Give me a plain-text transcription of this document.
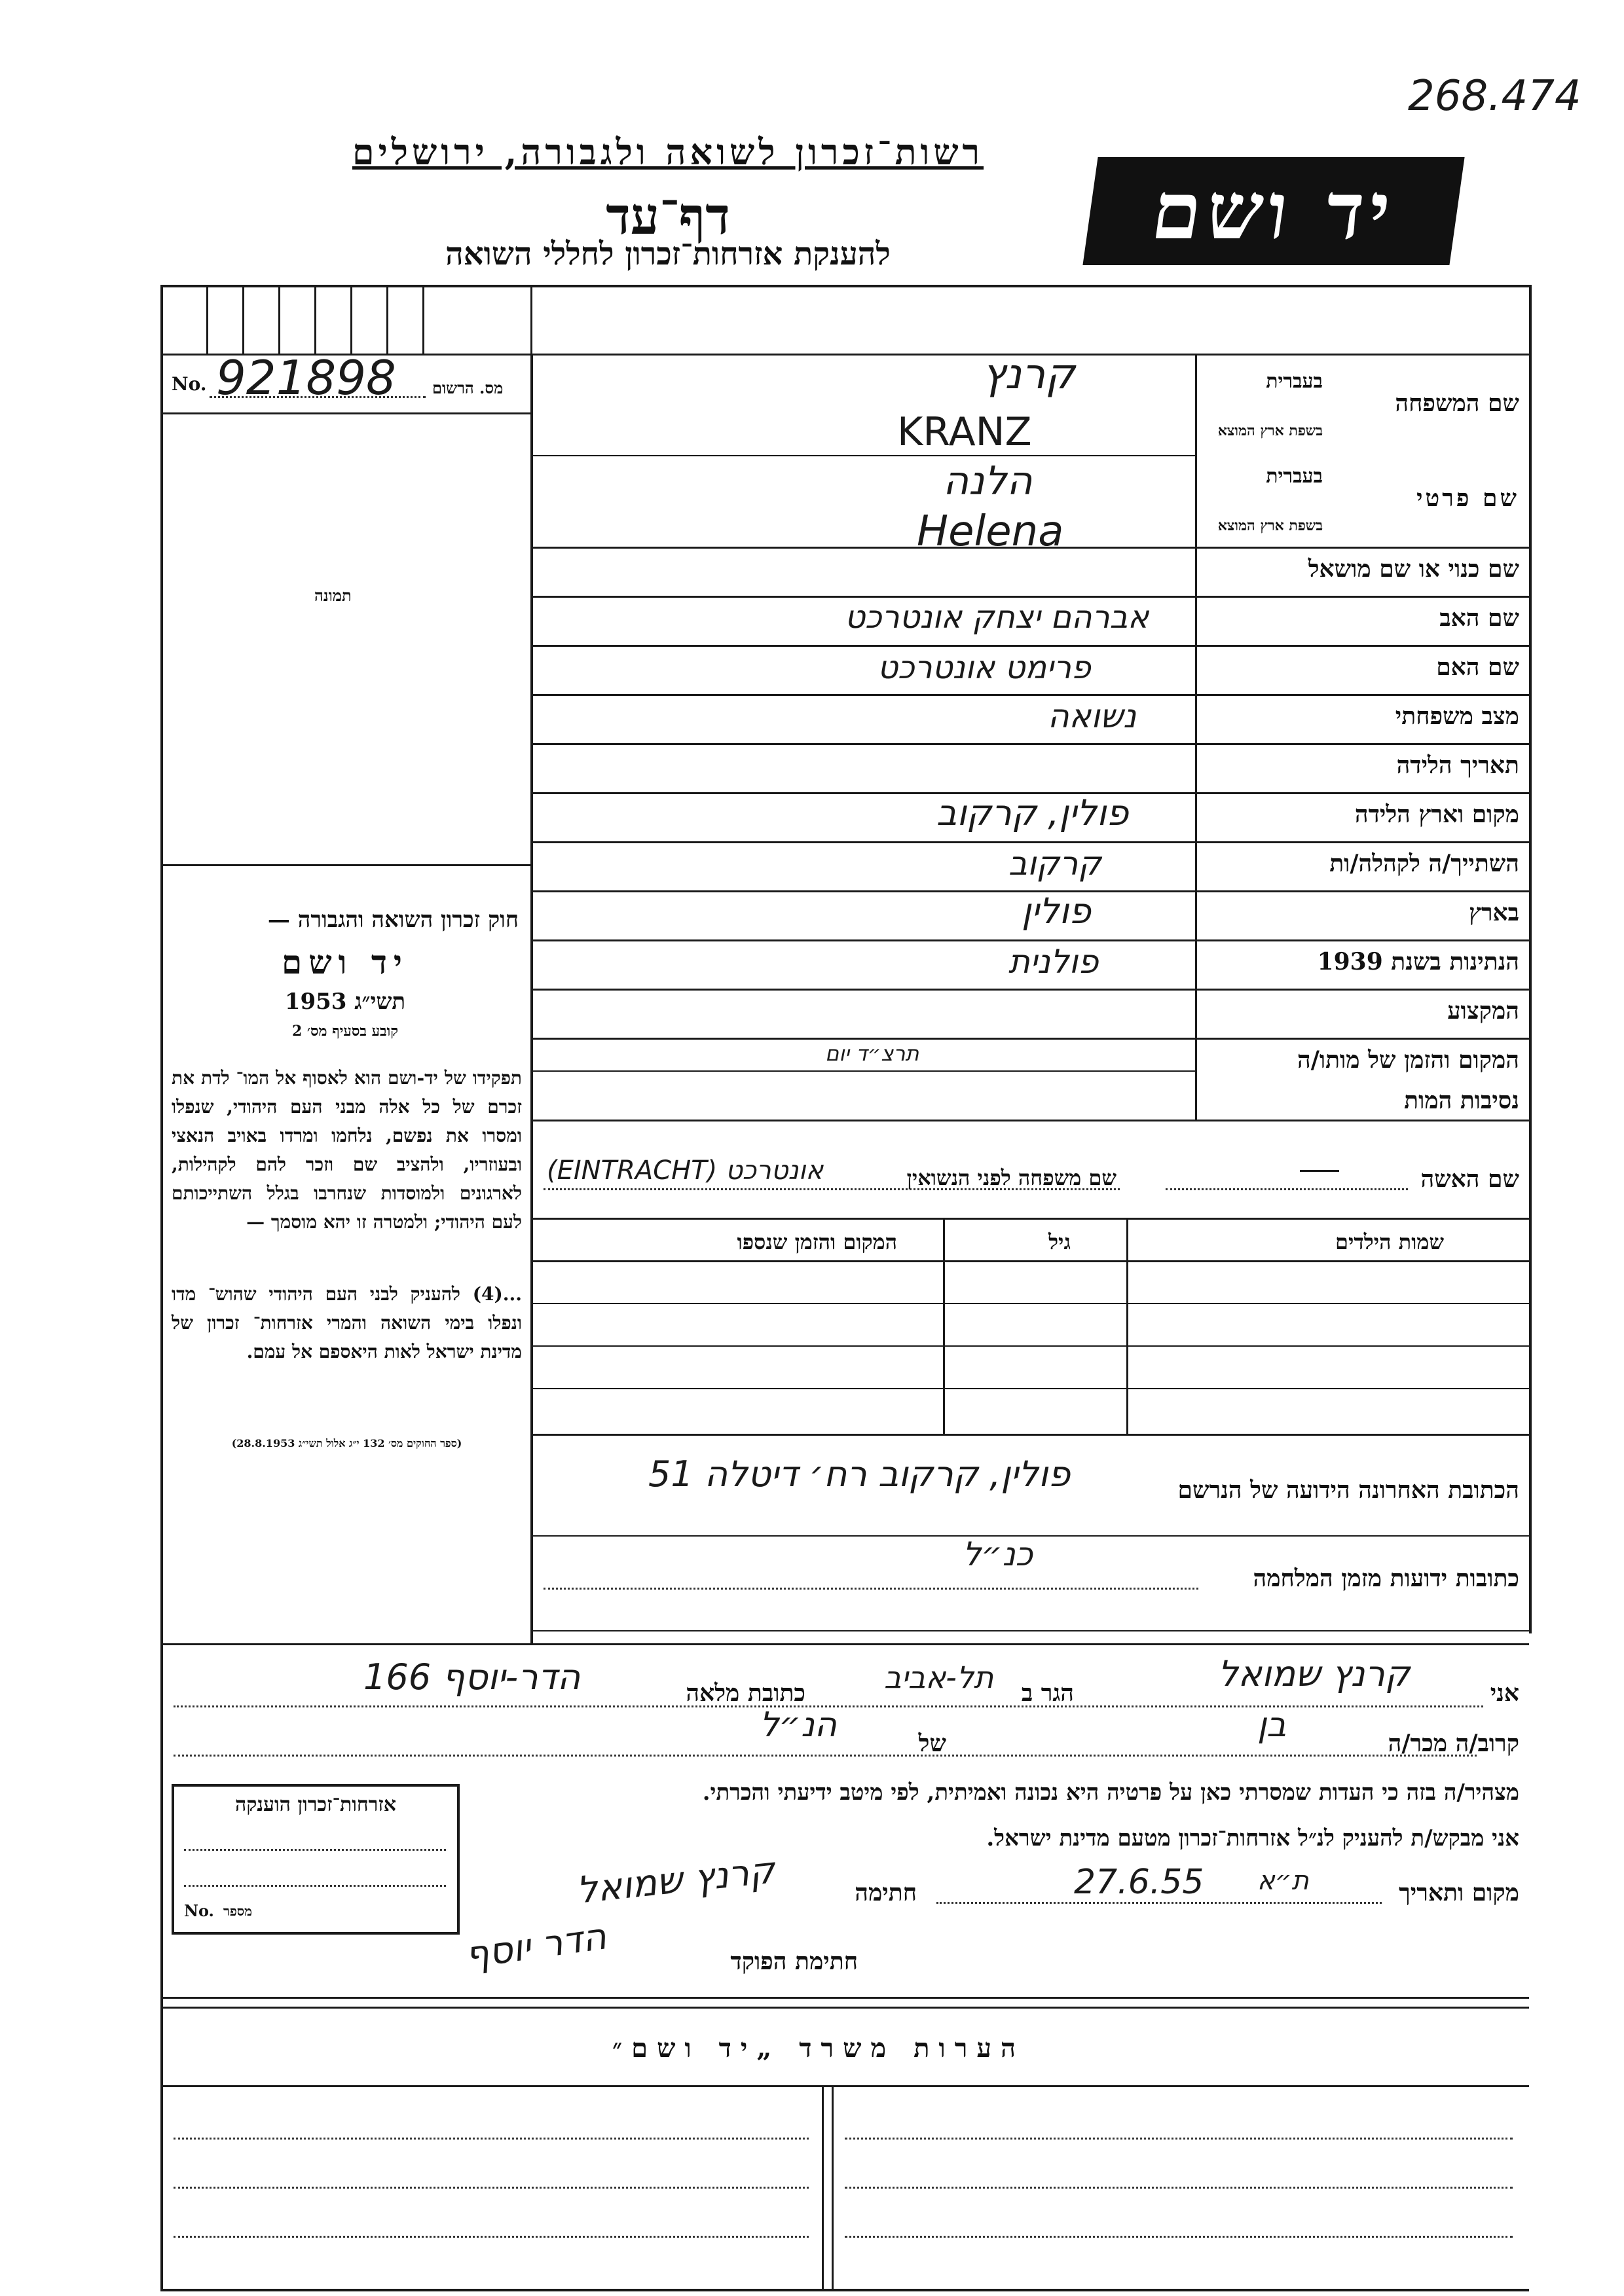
268.474
רשות־זכרון לשואה ולגבורה, ירושלים
דף־עד
להענקת אזרחות־זכרון לחללי השואה	יד ושם
No. 921898 מס. הרשום
תמונה
חוק זכרון השואה והגבורה —
יד ושם
תשי״ג 1953
קובע בסעיף מס׳ 2
תפקידו של יד-ושם הוא לאסוף אל המו־ לדת את זכרם של כל אלה מבני העם היהודי, שנפלו ומסרו את נפשם, נלחמו ומרדו באויב הנאצי ובעוזריו, ולהציב שם וזכר להם לקהילות, לארגונים ולמוסדות שנחרבו בגלל השתייכותם לעם היהודי; ולמטרה זו יהא מוסמך —
...(4) להעניק לבני העם היהודי שהוש־ מדו ונפלו בימי השואה והמרי אזרחות־ זכרון של מדינת ישראל לאות היאספם אל עמם.
(ספר החוקים מס׳ 132 י״ג אלול תשי״ג 28.8.1953)
שם המשפחה
בעברית
בשפת ארץ המוצא
קרנץ
KRANZ
שם פרטי
בעברית
בשפת ארץ המוצא
הלנה
Helena
שם כנוי או שם מושאל
שם האב
אברהם יצחק אונטרכט
שם האם
פרימט אונטרכט
מצב משפחתי
נשואה
תאריך הלידה
מקום וארץ הלידה
פולין, קרקוב
השתייך/ה לקהלה/ות
קרקוב
בארץ
פולין
הנתינות בשנת 1939
פולנית
המקצוע
המקום והזמן של מותו/ה
תרצ״ד יום
נסיבות המות
שם האשה
שם משפחה לפני הנשואין
אונטרכט (EINTRACHT)
שמות הילדים
גיל
המקום והזמן שנספו
הכתובת האחרונה הידועה של הנרשם
פולין, קרקוב רח׳ דיטלה 51
כתובות ידועות מזמן המלחמה
כנ״ל
אני
קרנץ שמואל
הגר ב
תל-אביב
כתובת מלאה
הדר-יוסף 166
קרוב/ה מכר/ה
בן
של
הנ״ל
מצהיר/ה בזה כי העדות שמסרתי כאן על פרטיה היא נכונה ואמיתית, לפי מיטב ידיעתי והכרתי.
אני מבקש/ת להעניק לנ״ל אזרחות־זכרון מטעם מדינת ישראל.
מקום ותאריך
27.6.55 ת״א
חתימה
קרנץ שמואל
חתימת הפוקד
הדר יוסף
אזרחות־זכרון הוענקה
No. מספר
הערות משרד „יד ושם״
